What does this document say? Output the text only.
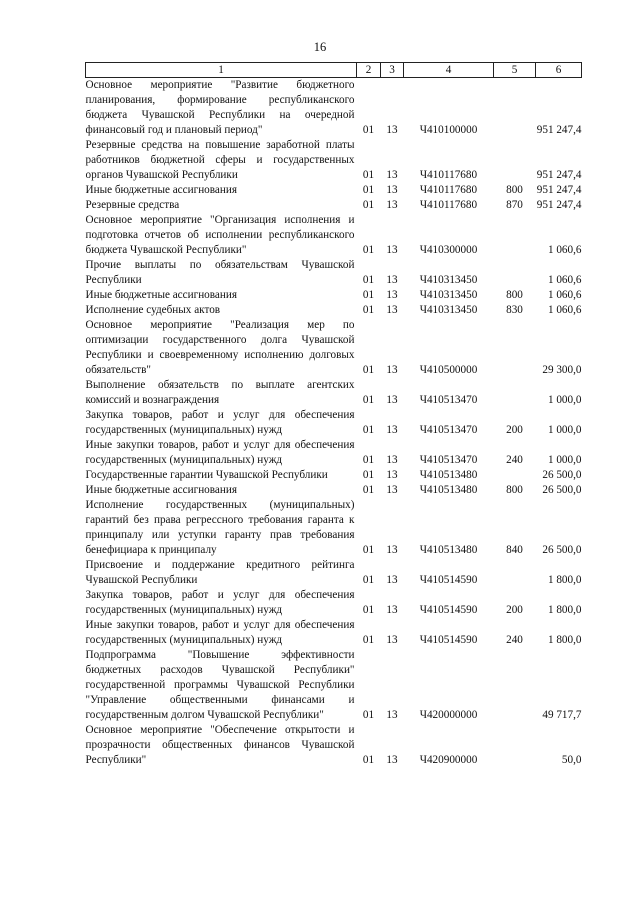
16
1	2	3	4	5	6
Основное мероприятие "Развитие бюджетного планирования, формирование республиканского бюджета Чувашской Республики на очередной финансовый год и плановый период"	01	13	Ч410100000		951 247,4
Резервные средства на повышение заработной платы работников бюджетной сферы и государственных органов Чувашской Республики	01	13	Ч410117680		951 247,4
Иные бюджетные ассигнования	01	13	Ч410117680	800	951 247,4
Резервные средства	01	13	Ч410117680	870	951 247,4
Основное мероприятие "Организация исполнения и подготовка отчетов об исполнении республиканского бюджета Чувашской Республики"	01	13	Ч410300000		1 060,6
Прочие выплаты по обязательствам Чувашской Республики	01	13	Ч410313450		1 060,6
Иные бюджетные ассигнования	01	13	Ч410313450	800	1 060,6
Исполнение судебных актов	01	13	Ч410313450	830	1 060,6
Основное мероприятие "Реализация мер по оптимизации государственного долга Чувашской Республики и своевременному исполнению долговых обязательств"	01	13	Ч410500000		29 300,0
Выполнение обязательств по выплате агентских комиссий и вознаграждения	01	13	Ч410513470		1 000,0
Закупка товаров, работ и услуг для обеспечения государственных (муниципальных) нужд	01	13	Ч410513470	200	1 000,0
Иные закупки товаров, работ и услуг для обеспечения государственных (муниципальных) нужд	01	13	Ч410513470	240	1 000,0
Государственные гарантии Чувашской Республики	01	13	Ч410513480		26 500,0
Иные бюджетные ассигнования	01	13	Ч410513480	800	26 500,0
Исполнение государственных (муниципальных) гарантий без права регрессного требования гаранта к принципалу или уступки гаранту прав требования бенефициара к принципалу	01	13	Ч410513480	840	26 500,0
Присвоение и поддержание кредитного рейтинга Чувашской Республики	01	13	Ч410514590		1 800,0
Закупка товаров, работ и услуг для обеспечения государственных (муниципальных) нужд	01	13	Ч410514590	200	1 800,0
Иные закупки товаров, работ и услуг для обеспечения государственных (муниципальных) нужд	01	13	Ч410514590	240	1 800,0
Подпрограмма "Повышение эффективности бюджетных расходов Чувашской Республики" государственной программы Чувашской Республики "Управление общественными финансами и государственным долгом Чувашской Республики"	01	13	Ч420000000		49 717,7
Основное мероприятие "Обеспечение открытости и прозрачности общественных финансов Чувашской Республики"	01	13	Ч420900000		50,0
